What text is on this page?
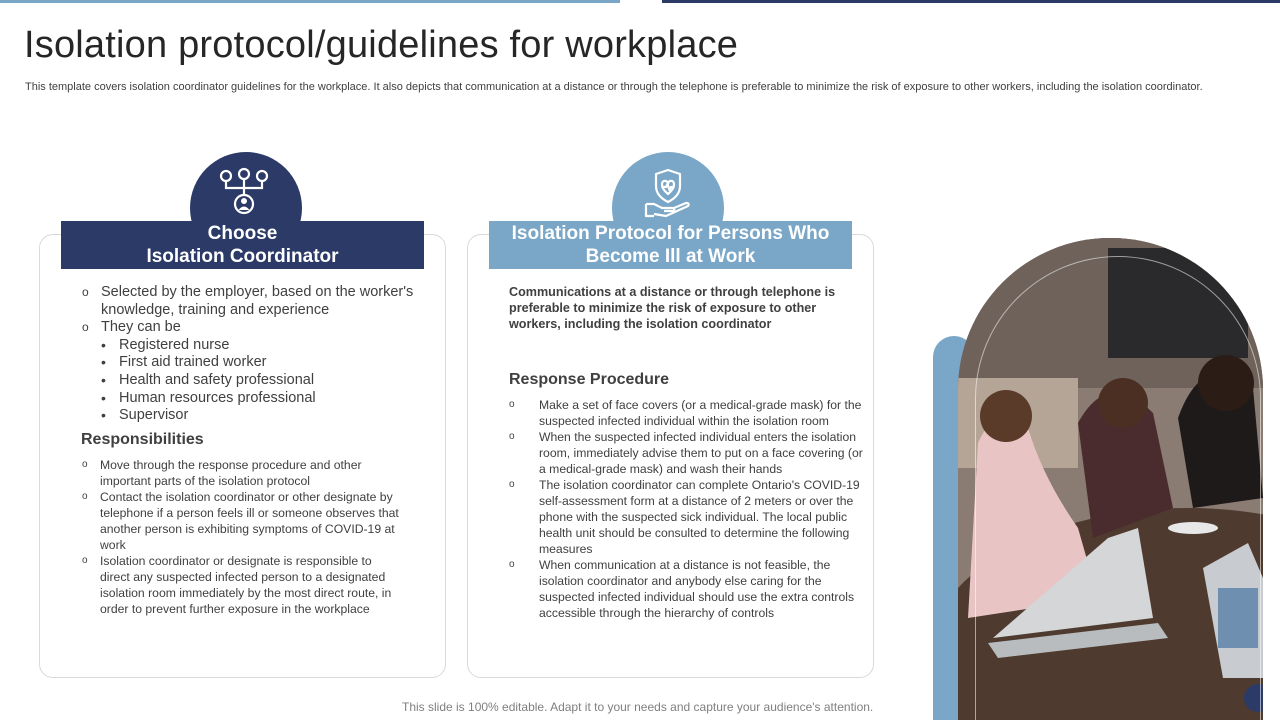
Isolation protocol/guidelines for workplace

This template covers isolation coordinator guidelines for the workplace. It also depicts that communication at a distance or through the telephone is preferable to minimize the risk of exposure to other workers, including the isolation coordinator.

Choose
Isolation Coordinator
o Selected by the employer, based on the worker's knowledge, training and experience
o They can be
• Registered nurse
• First aid trained worker
• Health and safety professional
• Human resources professional
• Supervisor
Responsibilities
o Move through the response procedure and other important parts of the isolation protocol
o Contact the isolation coordinator or other designate by telephone if a person feels ill or someone observes that another person is exhibiting symptoms of COVID-19 at work
o Isolation coordinator or designate is responsible to direct any suspected infected person to a designated isolation room immediately by the most direct route, in order to prevent further exposure in the workplace
Isolation Protocol for Persons Who
Become Ill at Work
Communications at a distance or through telephone is preferable to minimize the risk of exposure to other workers, including the isolation coordinator
Response Procedure
o Make a set of face covers (or a medical-grade mask) for the suspected infected individual within the isolation room
o When the suspected infected individual enters the isolation room, immediately advise them to put on a face covering (or a medical-grade mask) and wash their hands
o The isolation coordinator can complete Ontario's COVID-19 self-assessment form at a distance of 2 meters or over the phone with the suspected sick individual. The local public health unit should be consulted to determine the following measures
o When communication at a distance is not feasible, the isolation coordinator and anybody else caring for the suspected infected individual should use the extra controls accessible through the hierarchy of controls
This slide is 100% editable. Adapt it to your needs and capture your audience's attention.
